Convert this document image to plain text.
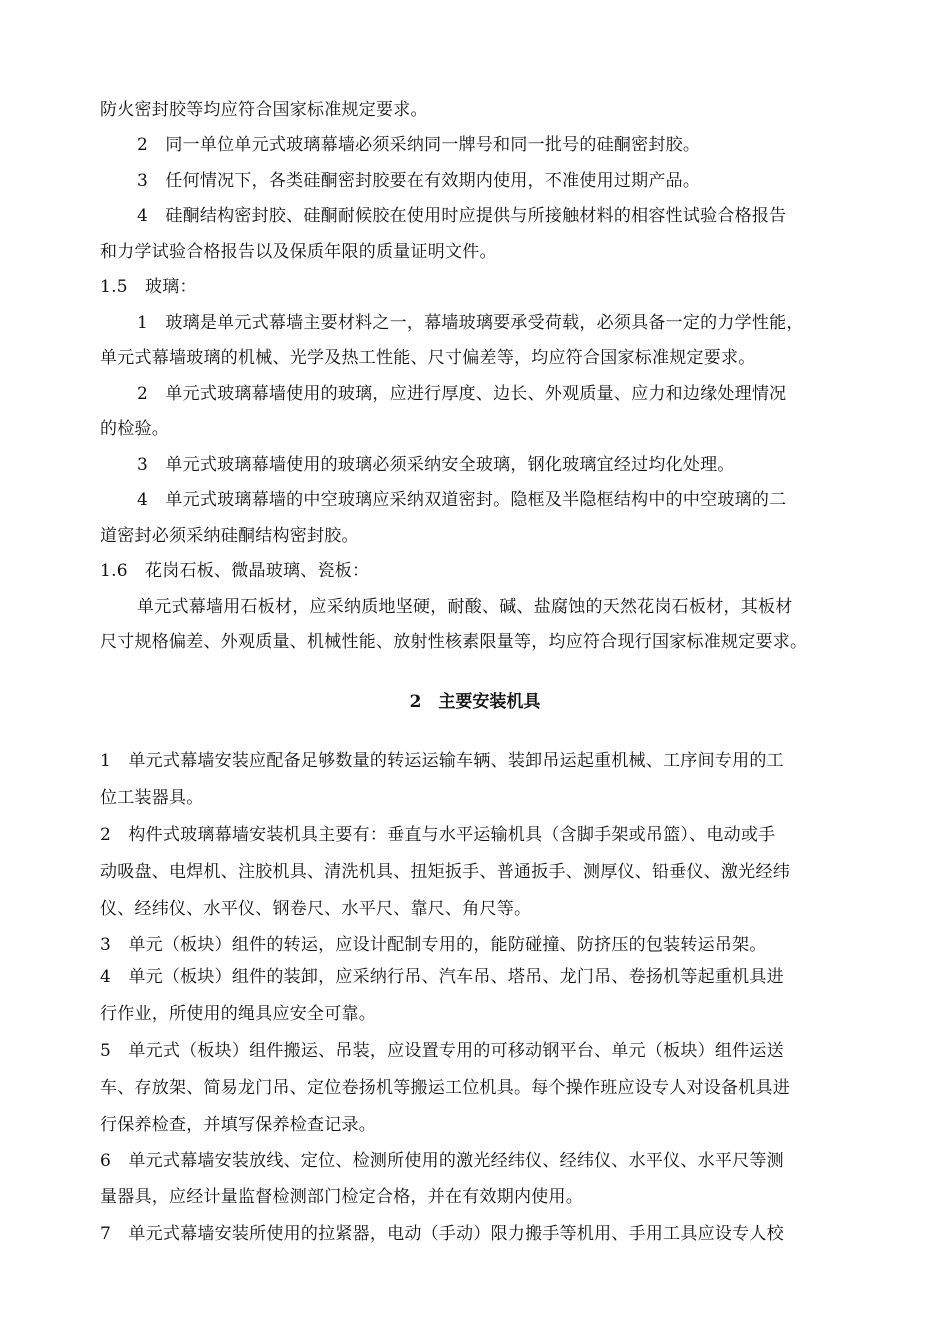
防火密封胶等均应符合国家标准规定要求。
2　同一单位单元式玻璃幕墙必须采纳同一牌号和同一批号的硅酮密封胶。
3　任何情况下，各类硅酮密封胶要在有效期内使用，不准使用过期产品。
4　硅酮结构密封胶、硅酮耐候胶在使用时应提供与所接触材料的相容性试验合格报告
和力学试验合格报告以及保质年限的质量证明文件。
1.5　玻璃：
1　玻璃是单元式幕墙主要材料之一，幕墙玻璃要承受荷载，必须具备一定的力学性能，
单元式幕墙玻璃的机械、光学及热工性能、尺寸偏差等，均应符合国家标准规定要求。
2　单元式玻璃幕墙使用的玻璃，应进行厚度、边长、外观质量、应力和边缘处理情况
的检验。
3　单元式玻璃幕墙使用的玻璃必须采纳安全玻璃，钢化玻璃宜经过均化处理。
4　单元式玻璃幕墙的中空玻璃应采纳双道密封。隐框及半隐框结构中的中空玻璃的二
道密封必须采纳硅酮结构密封胶。
1.6　花岗石板、微晶玻璃、瓷板：
单元式幕墙用石板材，应采纳质地坚硬，耐酸、碱、盐腐蚀的天然花岗石板材，其板材
尺寸规格偏差、外观质量、机械性能、放射性核素限量等，均应符合现行国家标准规定要求。
2　主要安装机具
1　单元式幕墙安装应配备足够数量的转运运输车辆、装卸吊运起重机械、工序间专用的工
位工装器具。
2　构件式玻璃幕墙安装机具主要有：垂直与水平运输机具（含脚手架或吊篮）、电动或手
动吸盘、电焊机、注胶机具、清洗机具、扭矩扳手、普通扳手、测厚仪、铅垂仪、激光经纬
仪、经纬仪、水平仪、钢卷尺、水平尺、靠尺、角尺等。
3　单元（板块）组件的转运，应设计配制专用的，能防碰撞、防挤压的包装转运吊架。
4　单元（板块）组件的装卸，应采纳行吊、汽车吊、塔吊、龙门吊、卷扬机等起重机具进
行作业，所使用的绳具应安全可靠。
5　单元式（板块）组件搬运、吊装，应设置专用的可移动钢平台、单元（板块）组件运送
车、存放架、简易龙门吊、定位卷扬机等搬运工位机具。每个操作班应设专人对设备机具进
行保养检查，并填写保养检查记录。
6　单元式幕墙安装放线、定位、检测所使用的激光经纬仪、经纬仪、水平仪、水平尺等测
量器具，应经计量监督检测部门检定合格，并在有效期内使用。
7　单元式幕墙安装所使用的拉紧器，电动（手动）限力搬手等机用、手用工具应设专人校
